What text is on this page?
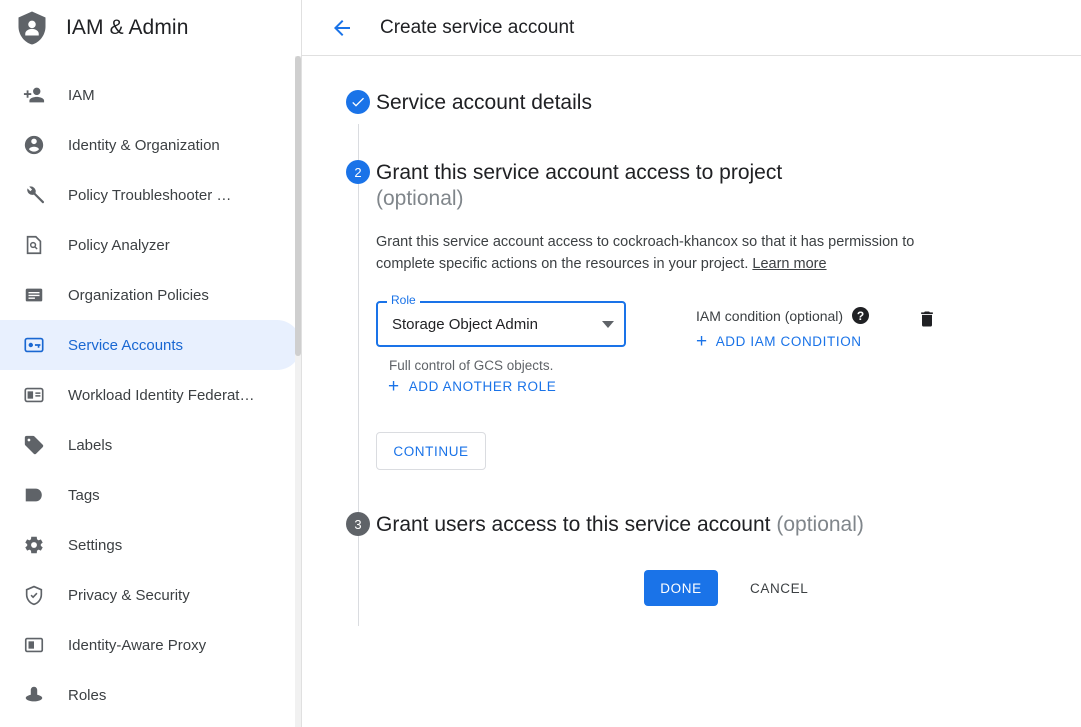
IAM & Admin
IAM
Identity & Organization
Policy Troubleshooter …
Policy Analyzer
Organization Policies
Service Accounts
Workload Identity Federat…
Labels
Tags
Settings
Privacy & Security
Identity-Aware Proxy
Roles
Create service account
Service account details
2 Grant this service account access to project
(optional)
Grant this service account access to cockroach-khancox so that it has permission to complete specific actions on the resources in your project. Learn more
Role
Storage Object Admin
Full control of GCS objects.
IAM condition (optional)	?
+ ADD IAM CONDITION
+ ADD ANOTHER ROLE
CONTINUE
3 Grant users access to this service account (optional)
DONE	CANCEL
